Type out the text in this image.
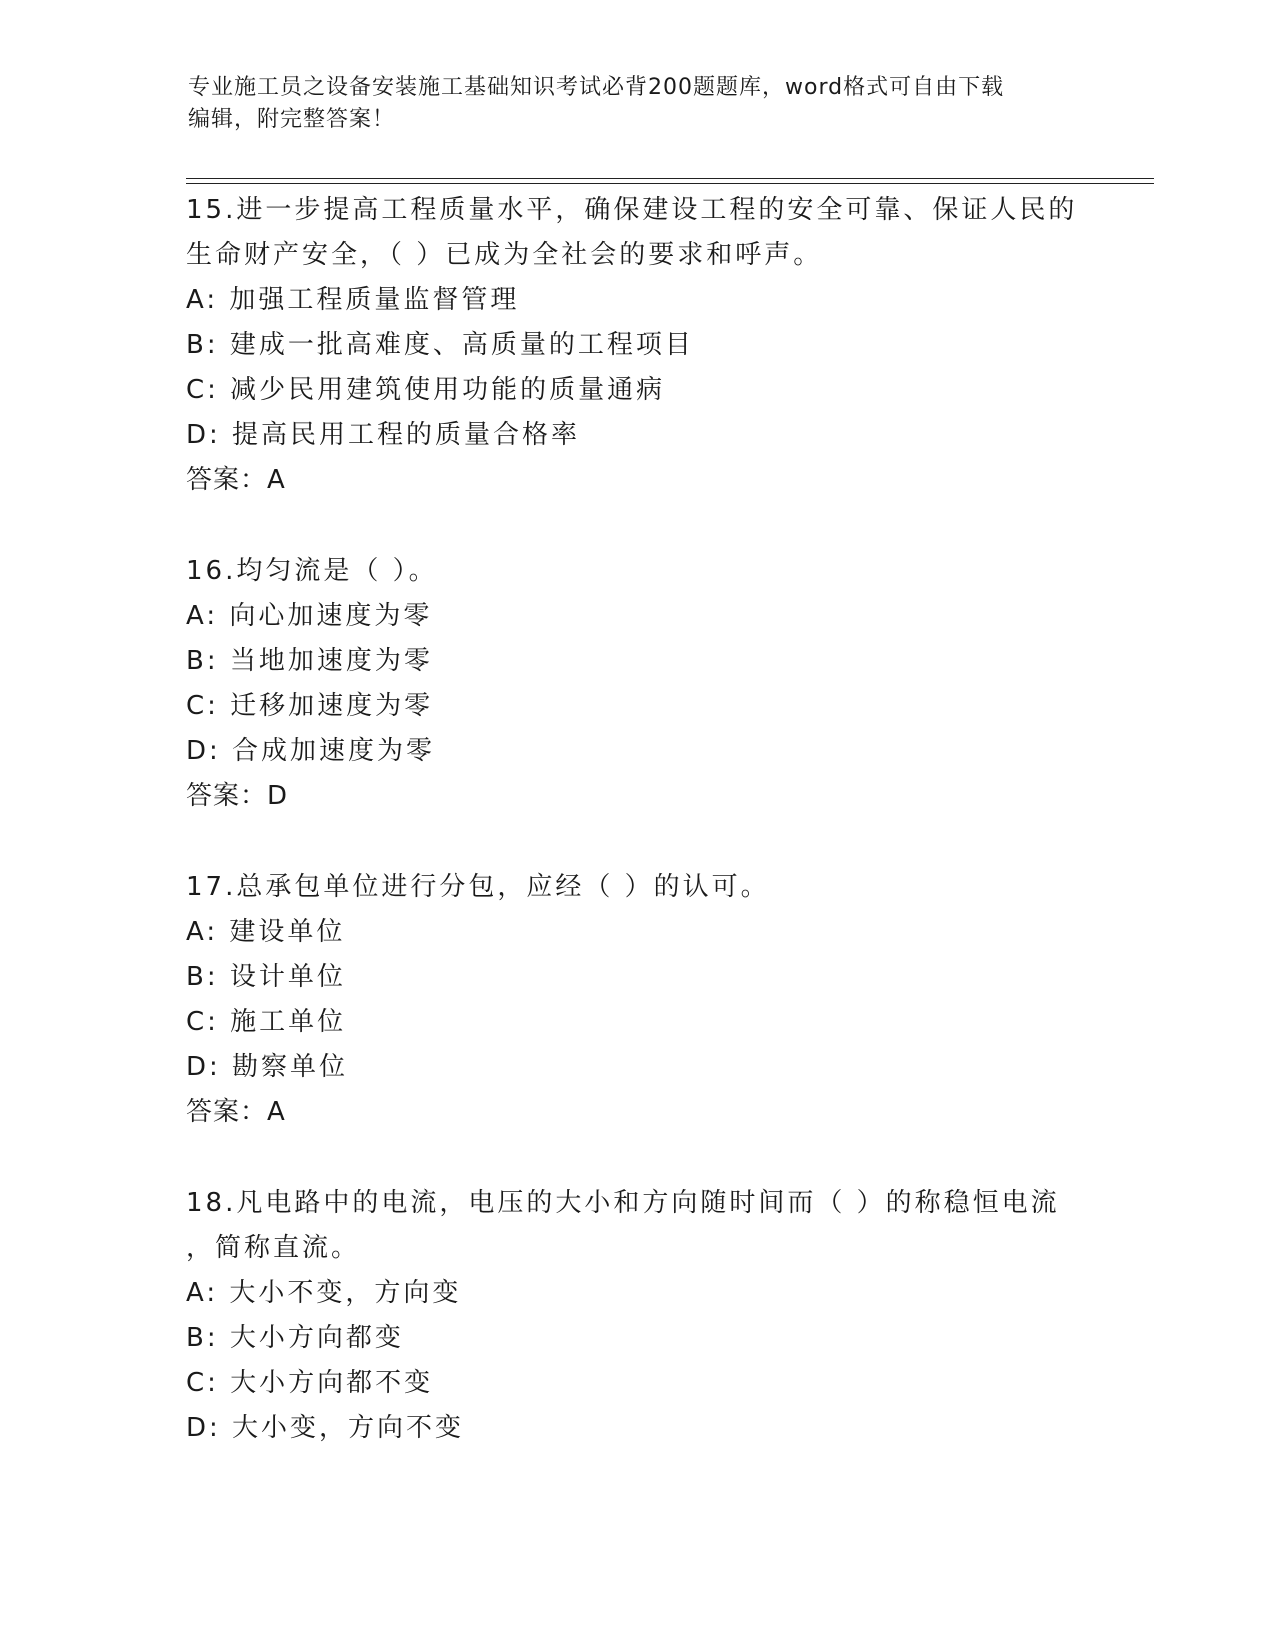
专业施工员之设备安装施工基础知识考试必背200题题库，word格式可自由下载
编辑，附完整答案！

15.进一步提高工程质量水平，确保建设工程的安全可靠、保证人民的

生命财产安全，（ ）已成为全社会的要求和呼声。

A: 加强工程质量监督管理

B: 建成一批高难度、高质量的工程项目

C: 减少民用建筑使用功能的质量通病

D: 提高民用工程的质量合格率

答案：A

16.均匀流是（ ）。

A: 向心加速度为零

B: 当地加速度为零

C: 迁移加速度为零

D: 合成加速度为零

答案：D

17.总承包单位进行分包，应经（ ）的认可。

A: 建设单位

B: 设计单位

C: 施工单位

D: 勘察单位

答案：A

18.凡电路中的电流，电压的大小和方向随时间而（ ）的称稳恒电流

，简称直流。

A: 大小不变，方向变

B: 大小方向都变

C: 大小方向都不变

D: 大小变，方向不变
